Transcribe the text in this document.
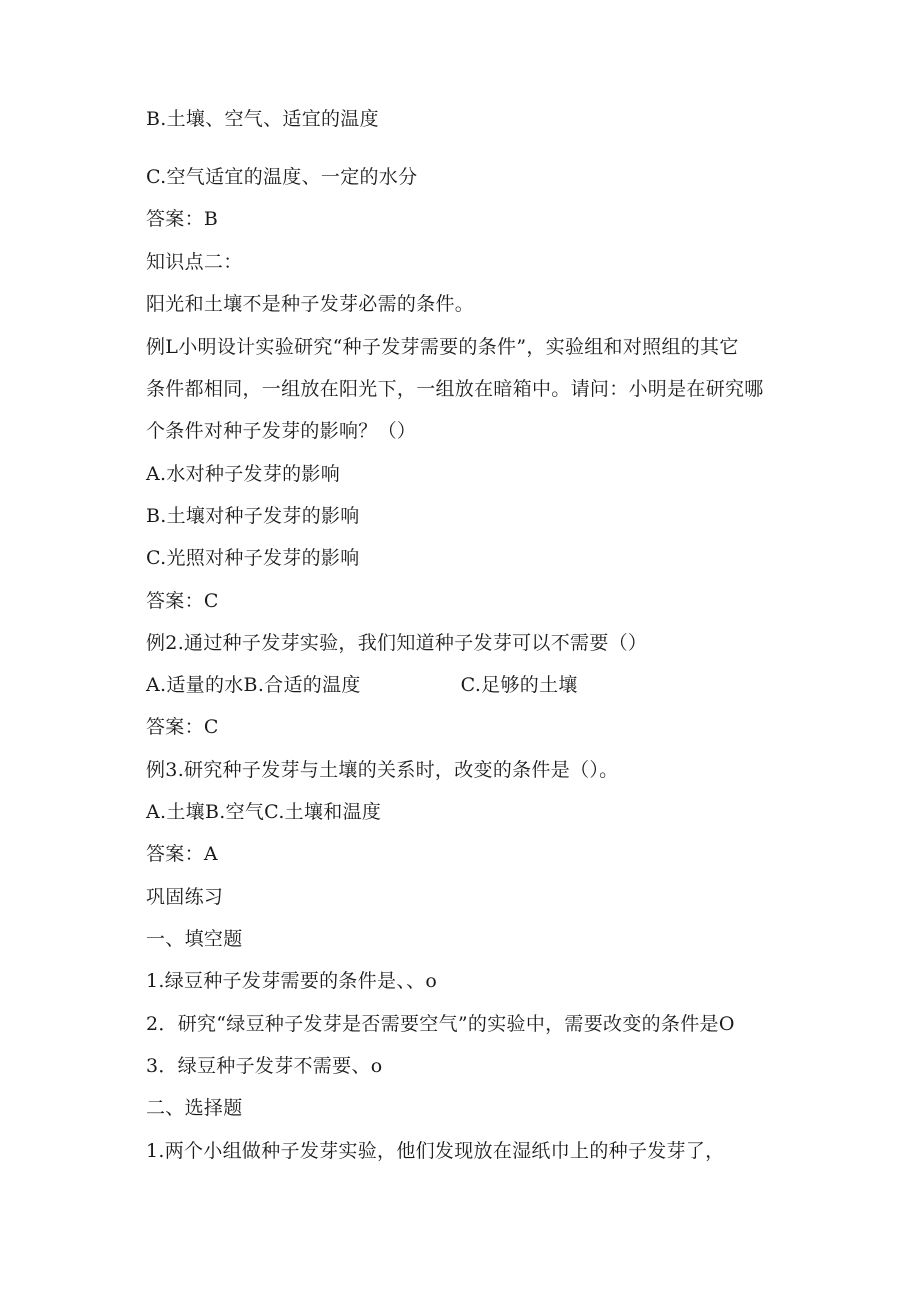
B.土壤、空气、适宜的温度
C.空气适宜的温度、一定的水分
答案：B
知识点二：
阳光和土壤不是种子发芽必需的条件。
例L小明设计实验研究“种子发芽需要的条件”，实验组和对照组的其它
条件都相同，一组放在阳光下，一组放在暗箱中。请问：小明是在研究哪
个条件对种子发芽的影响？（）
A.水对种子发芽的影响
B.土壤对种子发芽的影响
C.光照对种子发芽的影响
答案：C
例2.通过种子发芽实验，我们知道种子发芽可以不需要（）
A.适量的水B.合适的温度	C.足够的土壤
答案：C
例3.研究种子发芽与土壤的关系时，改变的条件是（）。
A.土壤B.空气C.土壤和温度
答案：A
巩固练习
一、填空题
1.绿豆种子发芽需要的条件是、、o
2．研究“绿豆种子发芽是否需要空气”的实验中，需要改变的条件是O
3．绿豆种子发芽不需要、o
二、选择题
1.两个小组做种子发芽实验，他们发现放在湿纸巾上的种子发芽了，
